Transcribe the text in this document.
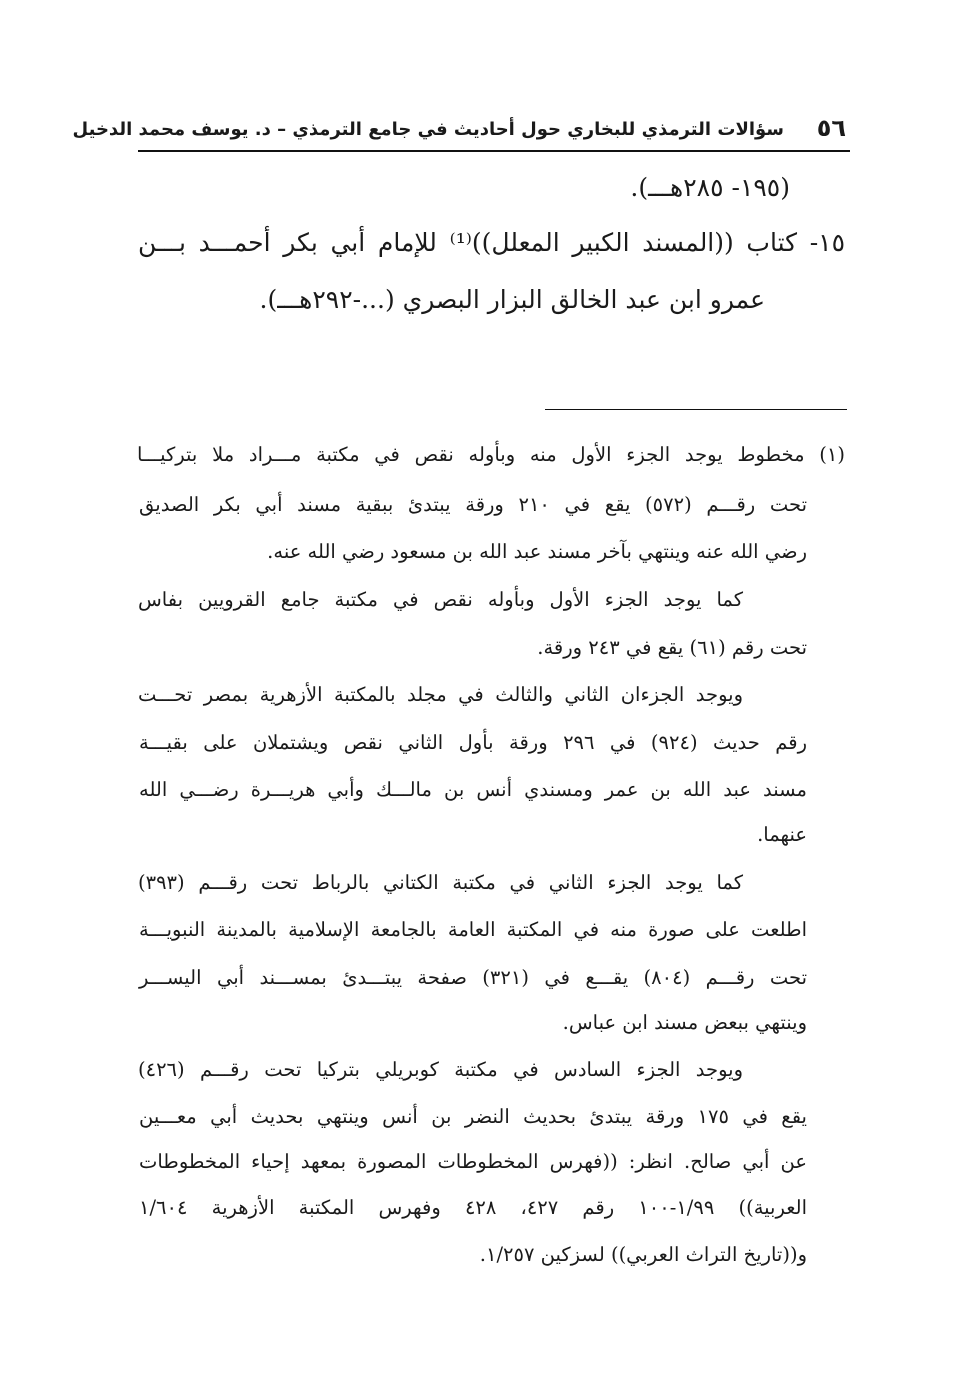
٥٦
سؤالات الترمذي للبخاري حول أحاديث في جامع الترمذي – د. يوسف محمد الدخيل
(١٩٥- ٢٨٥هـــ).
١٥- كتاب ((المسند الكبير المعلل))⁽¹⁾ للإمام أبي بكر أحمـــد بـــن
عمرو ابن عبد الخالق البزار البصري (...-٢٩٢هـــ).
(١) مخطوط يوجد الجزء الأول منه وبأوله نقص في مكتبة مـــراد ملا بتركيـــا
تحت رقـــم (٥٧٢) يقع في ٢١٠ ورقة يبتدئ ببقية مسند أبي بكر الصديق
رضي الله عنه وينتهي بآخر مسند عبد الله بن مسعود رضي الله عنه.
كما يوجد الجزء الأول وبأوله نقص في مكتبة جامع القرويين بفاس
تحت رقم (٦١) يقع في ٢٤٣ ورقة.
ويوجد الجزءان الثاني والثالث في مجلد بالمكتبة الأزهرية بمصر تحـــت
رقم حديث (٩٢٤) في ٢٩٦ ورقة بأول الثاني نقص ويشتملان على بقيـــة
مسند عبد الله بن عمر ومسندي أنس بن مالـــك وأبي هريـــرة رضـــي الله
عنهما.
كما يوجد الجزء الثاني في مكتبة الكتاني بالرباط تحت رقـــم (٣٩٣)
اطلعت على صورة منه في المكتبة العامة بالجامعة الإسلامية بالمدينة النبويـــة
تحت رقـــم (٨٠٤) يقـــع في (٣٢١) صفحة يبتـــدئ بمســـند أبي اليســـر
وينتهي ببعض مسند ابن عباس.
ويوجد الجزء السادس في مكتبة كوبريلي بتركيا تحت رقـــم (٤٢٦)
يقع في ١٧٥ ورقة يبتدئ بحديث النضر بن أنس وينتهي بحديث أبي معـــين
عن أبي صالح. انظر: ((فهرس المخطوطات المصورة بمعهد إحياء المخطوطات
العربية)) ١/٩٩-١٠٠ رقم ٤٢٧، ٤٢٨ وفهرس المكتبة الأزهرية ١/٦٠٤
و((تاريخ التراث العربي)) لسزكين ١/٢٥٧.
